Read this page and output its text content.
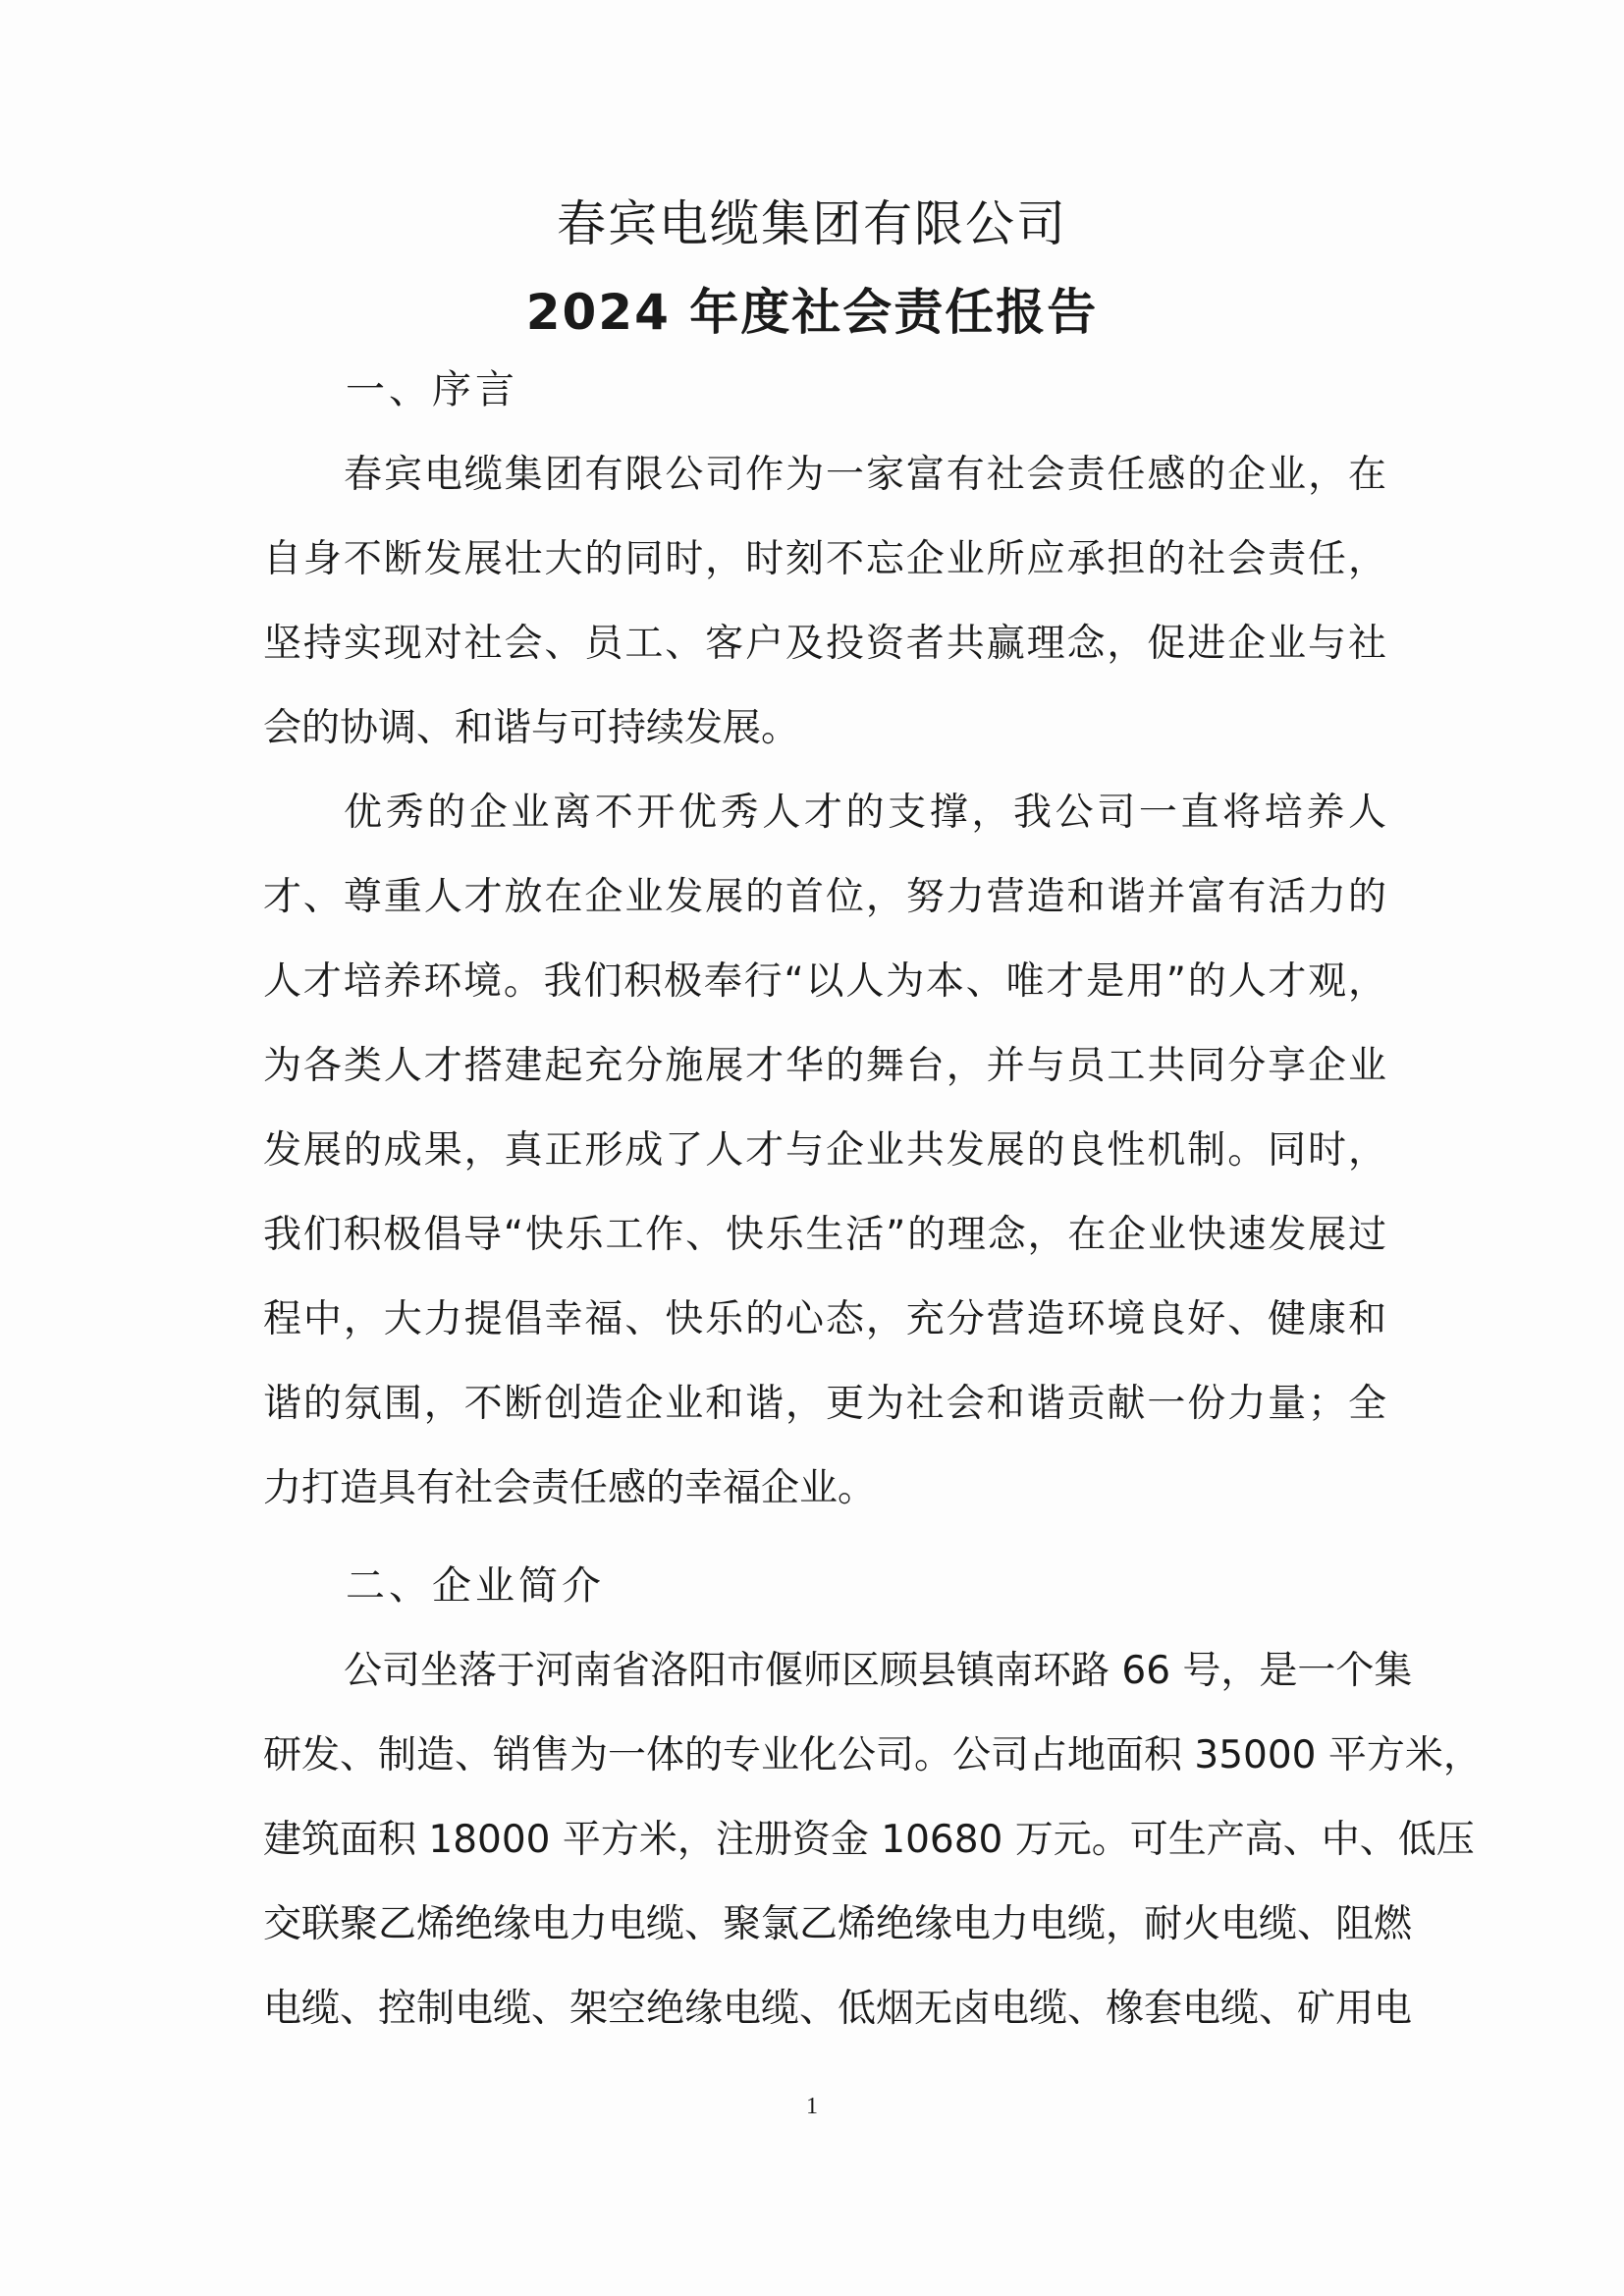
春宾电缆集团有限公司
2024 年度社会责任报告
一、序言
春宾电缆集团有限公司作为一家富有社会责任感的企业，在
自身不断发展壮大的同时，时刻不忘企业所应承担的社会责任，
坚持实现对社会、员工、客户及投资者共赢理念，促进企业与社
会的协调、和谐与可持续发展。
优秀的企业离不开优秀人才的支撑，我公司一直将培养人
才、尊重人才放在企业发展的首位，努力营造和谐并富有活力的
人才培养环境。我们积极奉行“以人为本、唯才是用”的人才观，
为各类人才搭建起充分施展才华的舞台，并与员工共同分享企业
发展的成果，真正形成了人才与企业共发展的良性机制。同时，
我们积极倡导“快乐工作、快乐生活”的理念，在企业快速发展过
程中，大力提倡幸福、快乐的心态，充分营造环境良好、健康和
谐的氛围，不断创造企业和谐，更为社会和谐贡献一份力量；全
力打造具有社会责任感的幸福企业。
二、企业简介
公司坐落于河南省洛阳市偃师区顾县镇南环路 66 号，是一个集
研发、制造、销售为一体的专业化公司。公司占地面积 35000 平方米，
建筑面积 18000 平方米，注册资金 10680 万元。可生产高、中、低压
交联聚乙烯绝缘电力电缆、聚氯乙烯绝缘电力电缆，耐火电缆、阻燃
电缆、控制电缆、架空绝缘电缆、低烟无卤电缆、橡套电缆、矿用电
1
